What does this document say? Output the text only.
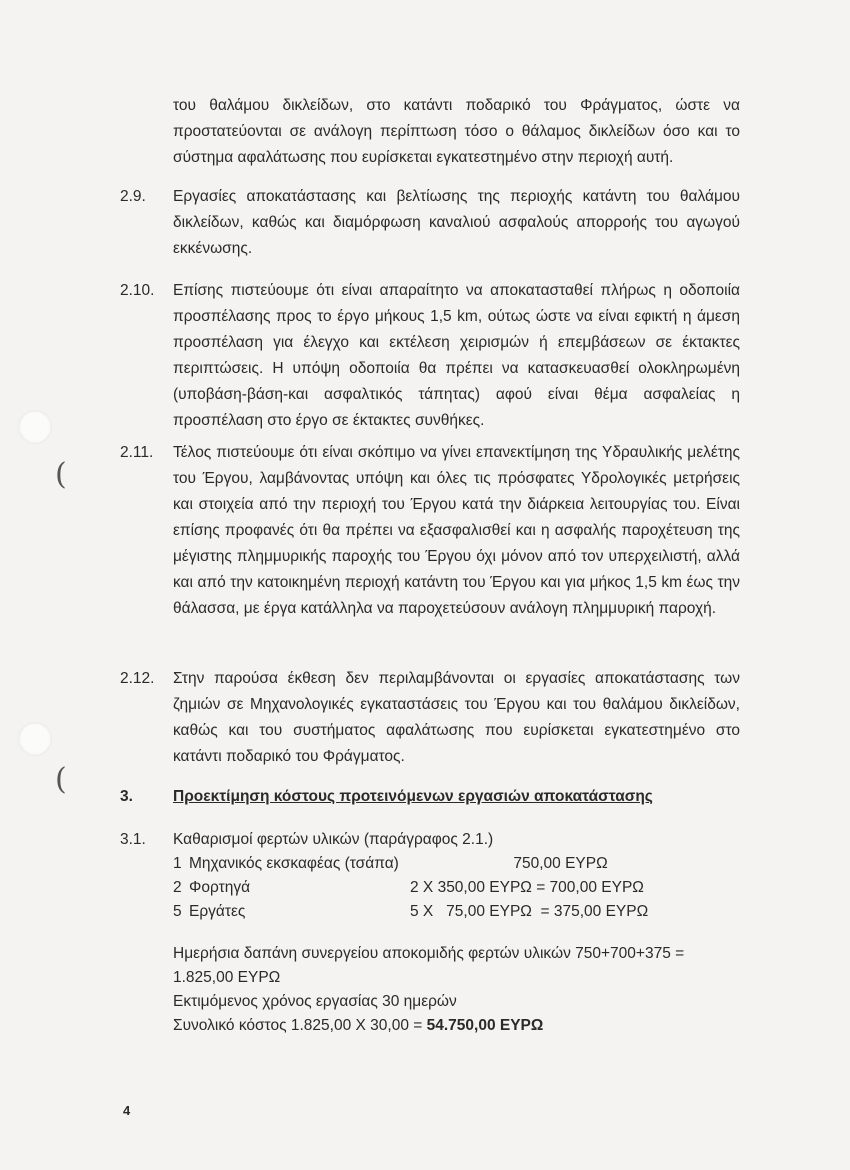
(
(
του θαλάμου δικλείδων, στο κατάντι ποδαρικό του Φράγματος, ώστε να προστατεύονται σε ανάλογη περίπτωση τόσο ο θάλαμος δικλείδων όσο και το σύστημα αφαλάτωσης που ευρίσκεται εγκατεστημένο στην περιοχή αυτή.
2.9. Εργασίες αποκατάστασης και βελτίωσης της περιοχής κατάντη του θαλάμου δικλείδων, καθώς και διαμόρφωση καναλιού ασφαλούς απορροής του αγωγού εκκένωσης.
2.10. Επίσης πιστεύουμε ότι είναι απαραίτητο να αποκατασταθεί πλήρως η οδοποιία προσπέλασης προς το έργο μήκους 1,5 km, ούτως ώστε να είναι εφικτή η άμεση προσπέλαση για έλεγχο και εκτέλεση χειρισμών ή επεμβάσεων σε έκτακτες περιπτώσεις. Η υπόψη οδοποιία θα πρέπει να κατασκευασθεί ολοκληρωμένη (υποβάση-βάση-και ασφαλτικός τάπητας) αφού είναι θέμα ασφαλείας η προσπέλαση στο έργο σε έκτακτες συνθήκες.
2.11. Τέλος πιστεύουμε ότι είναι σκόπιμο να γίνει επανεκτίμηση της Υδραυλικής μελέτης του Έργου, λαμβάνοντας υπόψη και όλες τις πρόσφατες Υδρολογικές μετρήσεις και στοιχεία από την περιοχή του Έργου κατά την διάρκεια λειτουργίας του. Είναι επίσης προφανές ότι θα πρέπει να εξασφαλισθεί και η ασφαλής παροχέτευση της μέγιστης πλημμυρικής παροχής του Έργου όχι μόνον από τον υπερχειλιστή, αλλά και από την κατοικημένη περιοχή κατάντη του Έργου και για μήκος 1,5 km έως την θάλασσα, με έργα κατάλληλα να παροχετεύσουν ανάλογη πλημμυρική παροχή.
2.12. Στην παρούσα έκθεση δεν περιλαμβάνονται οι εργασίες αποκατάστασης των ζημιών σε Μηχανολογικές εγκαταστάσεις του Έργου και του θαλάμου δικλείδων, καθώς και του συστήματος αφαλάτωσης που ευρίσκεται εγκατεστημένο στο κατάντι ποδαρικό του Φράγματος.
3.	Προεκτίμηση κόστους προτεινόμενων εργασιών αποκατάστασης
3.1. Καθαρισμοί φερτών υλικών (παράγραφος 2.1.)
1 Μηχανικός εκσκαφέας (τσάπα) 750,00 ΕΥΡΩ
2 Φορτηγά	2 Χ 350,00 ΕΥΡΩ = 700,00 ΕΥΡΩ
5 Εργάτες	5 Χ   75,00 ΕΥΡΩ  = 375,00 ΕΥΡΩ
Ημερήσια δαπάνη συνεργείου αποκομιδής φερτών υλικών 750+700+375 = 1.825,00 ΕΥΡΩ
Εκτιμόμενος χρόνος εργασίας 30 ημερών
Συνολικό κόστος 1.825,00 Χ 30,00 = 54.750,00 ΕΥΡΩ
4
